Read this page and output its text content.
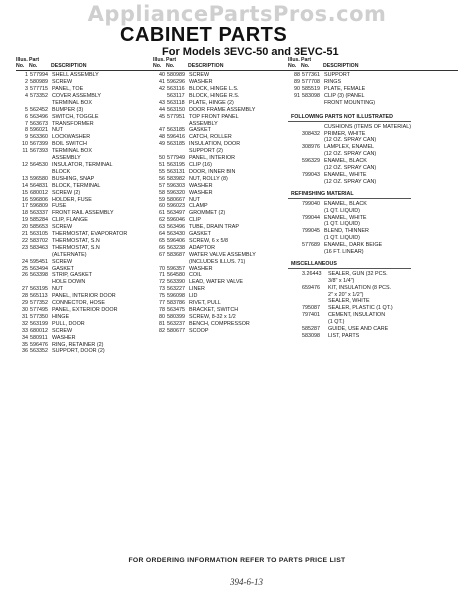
AppliancePartsPros.com
CABINET PARTS
For Models 3EVC-50 and 3EVC-51
Illus.
No.
Part
No.
	DESCRIPTION
1 577994 SHELL ASSEMBLY
2 580989 SCREW
3 577715 PANEL, TOE
4 573352 COVER ASSEMBLY
TERMINAL BOX
5 562452 BUMPER (3)
6 563496 SWITCH, TOGGLE
7 563673 TRANSFORMER
8 596021 NUT
9 563360 LOCKWASHER
10 567399 BOIL SWITCH
11 567393 TERMINAL BOX
ASSEMBLY
12 564530 INSULATOR, TERMINAL
BLOCK
13 596580 BUSHING, SNAP
14 564831 BLOCK, TERMINAL
15 680012 SCREW (2)
16 596806 HOLDER, FUSE
17 596809 FUSE
18 563337 FRONT RAIL ASSEMBLY
19 585284 CLIP, FLANGE
20 585653 SCREW
21 563105 THERMOSTAT, EVAPORATOR
22 583702 THERMOSTAT, S.N
23 583463 THERMOSTAT, S.N
(ALTERNATE)
24 595451 SCREW
25 563494 GASKET
26 563398 STRIP, GASKET
HOLE DOWN
27 563195 NUT
28 565113 PANEL, INTERIOR DOOR
29 577352 CONNECTOR, HOSE
30 577495 PANEL, EXTERIOR DOOR
31 577350 HINGE
32 563199 PULL, DOOR
33 680012 SCREW
34 580911 WASHER
35 596476 RING, RETAINER (2)
36 563352 SUPPORT, DOOR (2)
Illus.
No.
Part
No.
	DESCRIPTION
40 580989 SCREW
41 596296 WASHER
42 563116 BLOCK, HINGE L.S.
563117 BLOCK, HINGE R.S.
43 563118 PLATE, HINGE (2)
44 563150 DOOR FRAME ASSEMBLY
45 577951 TOP FRONT PANEL
ASSEMBLY
47 563185 GASKET
48 596416 CATCH, ROLLER
49 563185 INSULATION, DOOR
SUPPORT (2)
50 577949 PANEL, INTERIOR
51 563195 CLIP (16)
55 563131 DOOR, INNER BIN
56 583982 NUT, ROLLY (8)
57 596303 WASHER
58 596320 WASHER
59 580667 NUT
60 596023 CLAMP
61 563497 GROMMET (2)
62 596046 CLIP
63 563496 TUBE, DRAIN TRAP
64 563430 GASKET
65 596406 SCREW, 6 x 5/8
66 563238 ADAPTOR
67 583687 WATER VALVE ASSEMBLY
(INCLUDES ILLUS. 71)
70 596357 WASHER
71 564580 COIL
72 563390 LEAD, WATER VALVE
73 563227 LINER
75 596098 LID
77 583786 RIVET, PULL
78 563475 BRACKET, SWITCH
80 580399 SCREW, 8-32 x 1/2
81 563237 BENCH, COMPRESSOR
82 580677 SCOOP
Illus.
No.
Part
No.
	DESCRIPTION
88 577361 SUPPORT
89 577708 RINGS
90 585519 PLATE, FEMALE
91 583098 CLIP (3) (PANEL
FRONT MOUNTING)
FOLLOWING PARTS NOT ILLUSTRATED
CUSHIONS (ITEMS OF MATERIAL)
308432 PRIMER, WHITE
(12 OZ. SPRAY CAN)
308976 LAMPLEX, ENAMEL
(12 OZ. SPRAY CAN)
596329 ENAMEL, BLACK
(12 OZ. SPRAY CAN)
799043 ENAMEL, WHITE
(12 OZ. SPRAY CAN)
REFINISHING MATERIAL
799040 ENAMEL, BLACK
(1 QT. LIQUID)
799044 ENAMEL, WHITE
(1 QT. LIQUID)
799045 BLEND, THINNER
(1 QT. LIQUID)
577689 ENAMEL, DARK BEIGE
(16 FT. LINEAR)
MISCELLANEOUS
3.26443	SEALER, GUN (32 PCS.
3/8" x 1/4")
659476	KIT, INSULATION (8 PCS.
2" x 20" x 1/2")
SEALER, WHITE
795087	SEALER, PLASTIC (1 QT.)
797401	CEMENT, INSULATION
(1 QT.)
585287	GUIDE, USE AND CARE
583098	LIST, PARTS
FOR ORDERING INFORMATION REFER TO PARTS PRICE LIST
394-6-13
